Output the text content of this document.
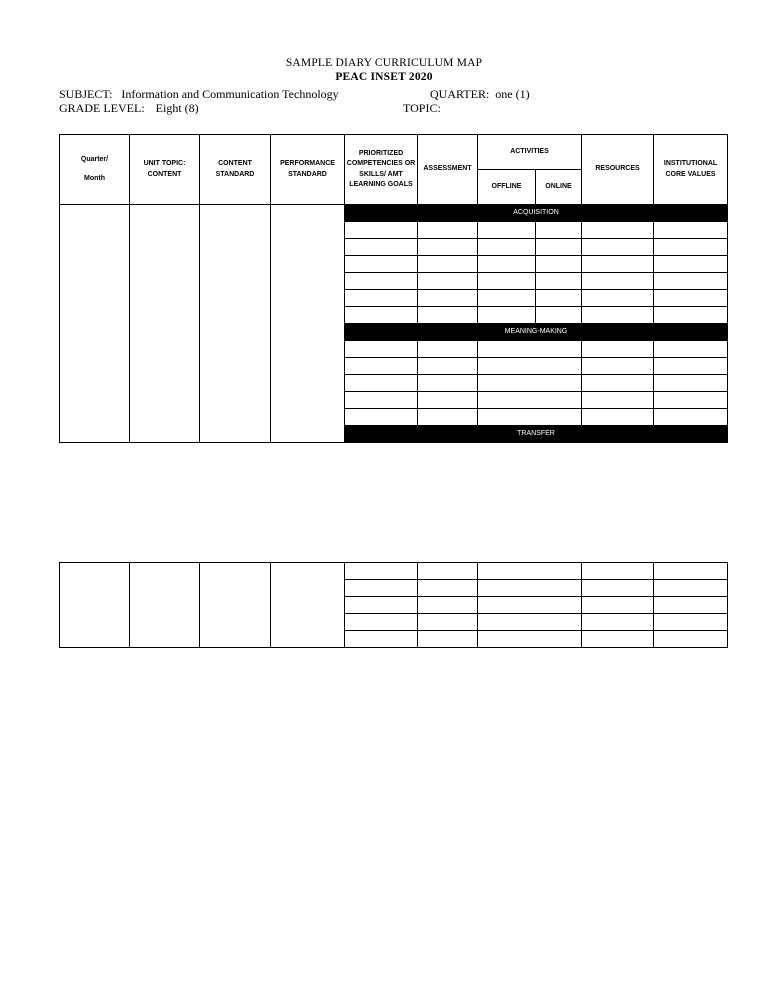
SAMPLE DIARY CURRICULUM MAP
PEAC INSET 2020
SUBJECT: Information and Communication Technology	QUARTER: one (1)
GRADE LEVEL: Eight (8)	TOPIC:
Quarter/
Month	UNIT TOPIC: CONTENT	CONTENT STANDARD	PERFORMANCE STANDARD	PRIORITIZED COMPETENCIES OR SKILLS/ AMT LEARNING GOALS	ASSESSMENT	ACTIVITIES		RESOURCES	INSTITUTIONAL CORE VALUES
						OFFLINE	ONLINE		
				ACQUISITION					

				MEANING-MAKING					

				TRANSFER					
